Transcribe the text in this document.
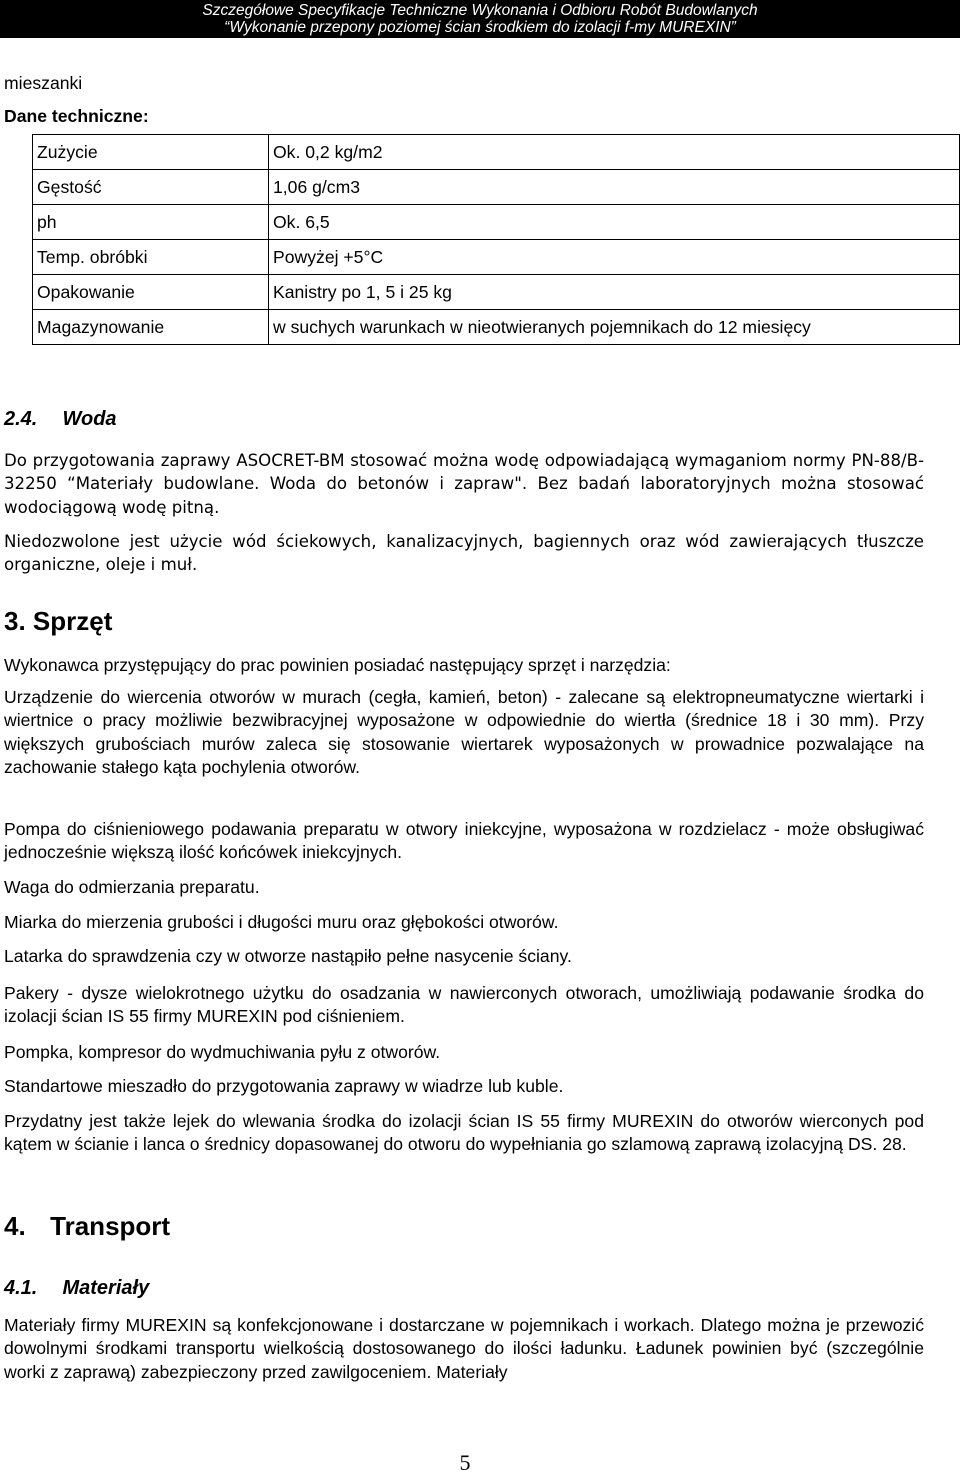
Szczegółowe Specyfikacje Techniczne Wykonania i Odbioru Robót Budowlanych
“Wykonanie przepony poziomej ścian środkiem do izolacji f-my MUREXIN”
mieszanki
Dane techniczne:
Zużycie	Ok. 0,2 kg/m2
Gęstość	1,06 g/cm3
ph	Ok. 6,5
Temp. obróbki	Powyżej +5°C
Opakowanie	Kanistry po 1, 5 i 25 kg
Magazynowanie	w suchych warunkach w nieotwieranych pojemnikach do 12 miesięcy
2.4. Woda
Do przygotowania zaprawy ASOCRET-BM stosować można wodę odpowiadającą wymaganiom normy PN-88/B-32250 “Materiały budowlane. Woda do betonów i zapraw". Bez badań laboratoryjnych można stosować wodociągową wodę pitną.
Niedozwolone jest użycie wód ściekowych, kanalizacyjnych, bagiennych oraz wód zawierających tłuszcze organiczne, oleje i muł.
3. Sprzęt
Wykonawca przystępujący do prac powinien posiadać następujący sprzęt i narzędzia:
Urządzenie do wiercenia otworów w murach (cegła, kamień, beton) - zalecane są elektropneumatyczne wiertarki i wiertnice o pracy możliwie bezwibracyjnej wyposażone w odpowiednie do wiertła (średnice 18 i 30 mm). Przy większych grubościach murów zaleca się stosowanie wiertarek wyposażonych w prowadnice pozwalające na zachowanie stałego kąta pochylenia otworów.
Pompa do ciśnieniowego podawania preparatu w otwory iniekcyjne, wyposażona w rozdzielacz - może obsługiwać jednocześnie większą ilość końcówek iniekcyjnych.
Waga do odmierzania preparatu.
Miarka do mierzenia grubości i długości muru oraz głębokości otworów.
Latarka do sprawdzenia czy w otworze nastąpiło pełne nasycenie ściany.
Pakery - dysze wielokrotnego użytku do osadzania w nawierconych otworach, umożliwiają podawanie środka do izolacji ścian IS 55 firmy MUREXIN pod ciśnieniem.
Pompka, kompresor do wydmuchiwania pyłu z otworów.
Standartowe mieszadło do przygotowania zaprawy w wiadrze lub kuble.
Przydatny jest także lejek do wlewania środka do izolacji ścian IS 55 firmy MUREXIN do otworów wierconych pod kątem w ścianie i lanca o średnicy dopasowanej do otworu do wypełniania go szlamową zaprawą izolacyjną DS. 28.
4. Transport
4.1. Materiały
Materiały firmy MUREXIN są konfekcjonowane i dostarczane w pojemnikach i workach. Dlatego można je przewozić dowolnymi środkami transportu wielkością dostosowanego do ilości ładunku. Ładunek powinien być (szczególnie worki z zaprawą) zabezpieczony przed zawilgoceniem. Materiały
5
